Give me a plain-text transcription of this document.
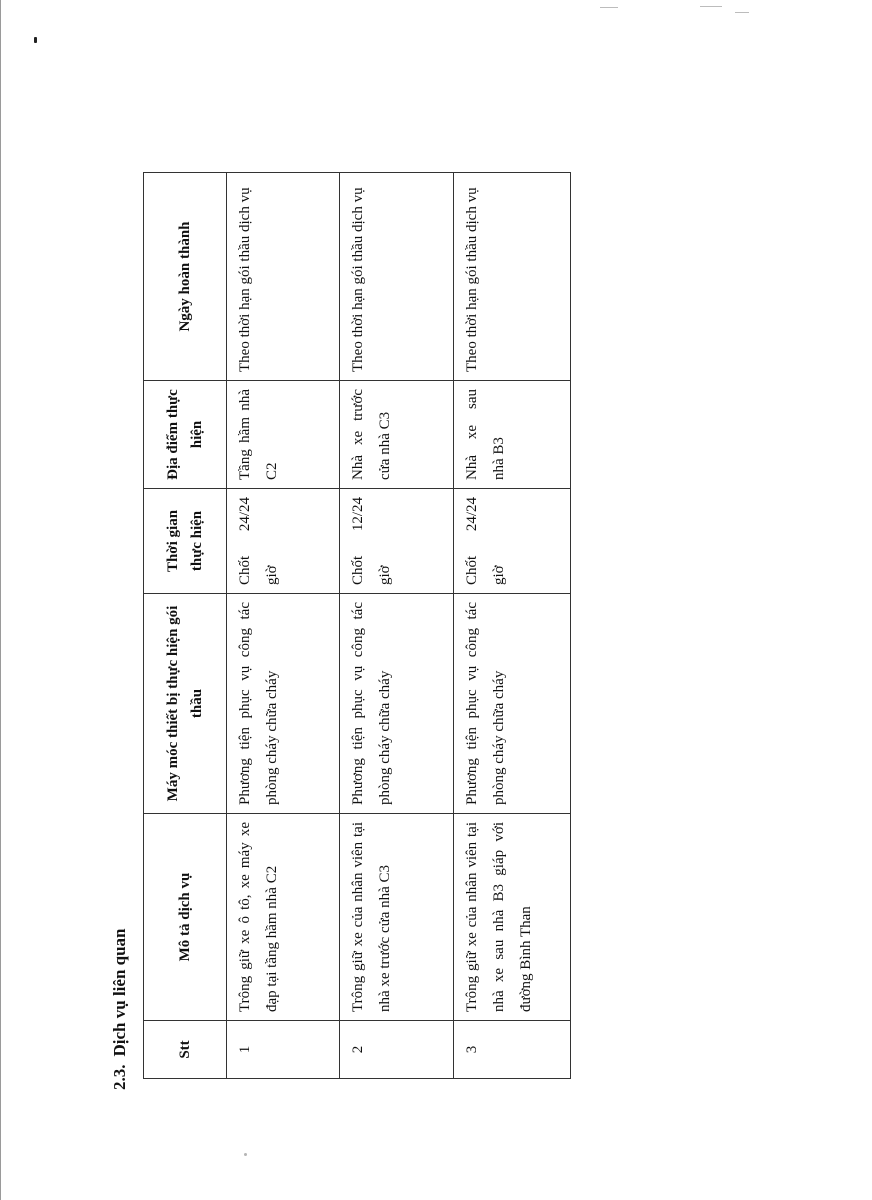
2.3.Dịch vụ liên quan	Stt	Mô tả dịch vụ	Máy móc thiết bị thực hiện gói thầu	Thời gian thực hiện	Địa điểm thực hiện	Ngày hoàn thành
1	Trông giữ xe ô tô, xe máy xe đạp tại tầng hầm nhà C2	Phương tiện phục vụ công tác phòng cháy chữa cháy	Chốt 24/24 giờ	Tầng hầm nhà C2	Theo thời hạn gói thầu dịch vụ
2	Trông giữ xe của nhân viên tại nhà xe trước cửa nhà C3	Phương tiện phục vụ công tác phòng cháy chữa cháy	Chốt 12/24 giờ	Nhà xe trước cửa nhà C3	Theo thời hạn gói thầu dịch vụ
3	Trông giữ xe của nhân viên tại nhà xe sau nhà B3 giáp với đường Bình Than	Phương tiện phục vụ công tác phòng cháy chữa cháy	Chốt 24/24 giờ	Nhà xe sau nhà B3	Theo thời hạn gói thầu dịch vụ
